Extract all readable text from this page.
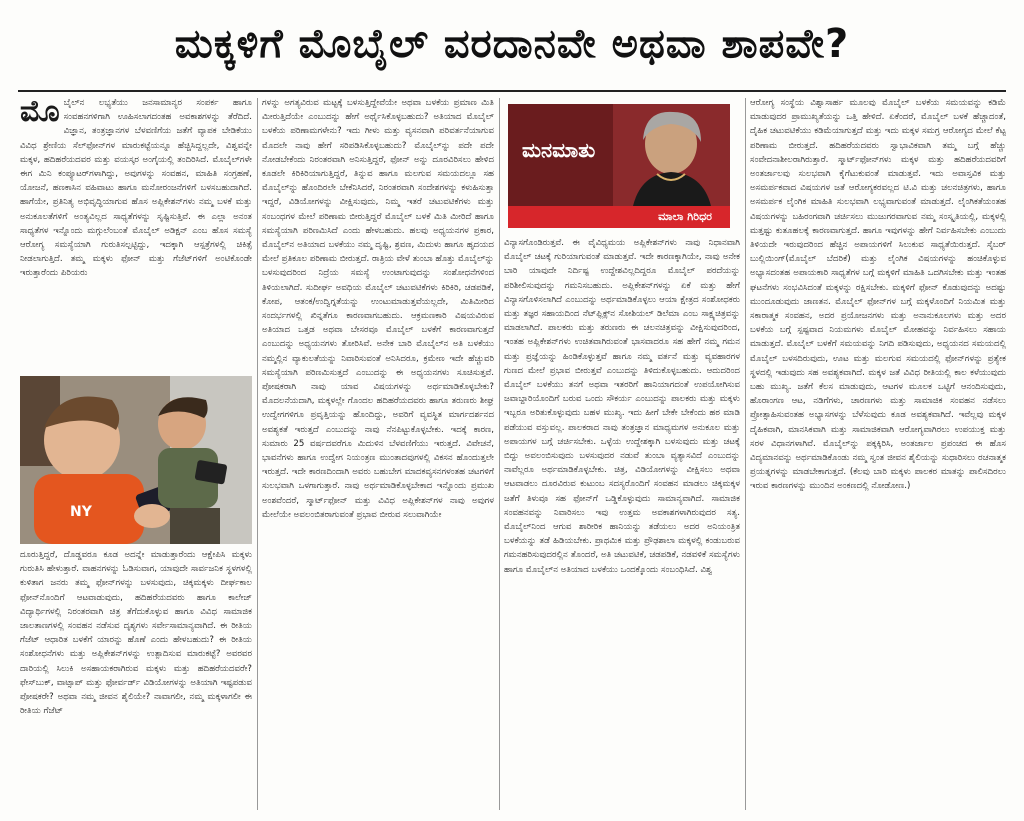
ಮಕ್ಕಳಿಗೆ ಮೊಬೈಲ್ ವರದಾನವೇ ಅಥವಾ ಶಾಪವೇ?
ಮೊ ಬೈಲ್‌ನ ಲಭ್ಯತೆಯು ಜನಸಾಮಾನ್ಯರ ಸಂಪರ್ಕ ಹಾಗೂ ಸಂವಹನಗಳಿಗಾಗಿ ಊಹಿಸಲಾಗದಂತಹ ಅವಕಾಶಗಳನ್ನು ತೆರೆದಿದೆ. ವಿಜ್ಞಾನ, ತಂತ್ರಜ್ಞಾನಗಳ ಬೆಳವಣಿಗೆಯ ಜತೆಗೆ ವ್ಯಾಪಕ ಬೇಡಿಕೆಯು ವಿವಿಧ ಶ್ರೇಣಿಯ ಸೆಲ್‌ಫೋನ್‌ಗಳ ಮಾರುಕಟ್ಟೆಯನ್ನೂ ಹೆಚ್ಚಿಸಿದ್ದಲ್ಲದೇ, ವಿಶ್ವವನ್ನೇ ಮಕ್ಕಳ, ಹದಿಹರೆಯದವರ ಮತ್ತು ವಯಸ್ಕರ ಅಂಗೈಯಲ್ಲಿ ತಂದಿರಿಸಿದೆ. ಮೊಬೈಲ್‌ಗಳೇ ಈಗ ಮಿನಿ ಕಂಪ್ಯೂಟರ್‌ಗಳಾಗಿದ್ದು, ಅವುಗಳನ್ನು ಸಂವಹನ, ಮಾಹಿತಿ ಸಂಗ್ರಹಣೆ, ಯೋಜನೆ, ಹಣಕಾಸಿನ ವಹಿವಾಟು ಹಾಗೂ ಮನೋರಂಜನೆಗಳಿಗೆ ಬಳಸಬಹುದಾಗಿದೆ. ಹಾಗೆಯೇ, ಪ್ರತಿನಿತ್ಯ ಅಭಿವೃದ್ಧಿಯಾಗುವ ಹೊಸ ಅಪ್ಲಿಕೇಶನ್‌ಗಳು ನಮ್ಮ ಬಳಕೆ ಮತ್ತು ಅನುಕೂಲತೆಗಳಿಗೆ ಅಂತ್ಯವಿಲ್ಲದ ಸಾಧ್ಯತೆಗಳನ್ನು ಸೃಷ್ಟಿಸುತ್ತಿವೆ. ಈ ಎಲ್ಲಾ ಅನಂತ ಸಾಧ್ಯತೆಗಳ ಇನ್ನೊಂದು ಮಗ್ಗುಲೆಂಬಂತೆ ಮೊಬೈಲ್ ಅಡಿಕ್ಷನ್ ಎಂಬ ಹೊಸ ಸಮಸ್ಯೆ ಆರೋಗ್ಯ ಸಮಸ್ಯೆಯಾಗಿ ಗುರುತಿಸಲ್ಪಟ್ಟಿದ್ದು, ಇದಕ್ಕಾಗಿ ಆಸ್ಪತ್ರೆಗಳಲ್ಲಿ ಚಿಕಿತ್ಸೆ ನೀಡಲಾಗುತ್ತಿದೆ. ತಮ್ಮ ಮಕ್ಕಳು ಫೋನ್ ಮತ್ತು ಗೆಜೆಟ್‌ಗಳಿಗೆ ಅಂಟಿಕೊಂಡೇ ಇರುತ್ತಾರೆಂದು ಪಿರಿಯರು
NY
ದೂರುತ್ತಿದ್ದರೆ, ದೊಡ್ಡವರೂ ಕೂಡ ಅದನ್ನೇ ಮಾಡುತ್ತಾರೆಂದು ಆಕ್ಷೇಪಿಸಿ ಮಕ್ಕಳು ಗುರುತಿಸಿ ಹೇಳುತ್ತಾರೆ. ವಾಹನಗಳನ್ನು ಓಡಿಸುವಾಗ, ಯಾವುದೇ ಸಾರ್ವಜನಿಕ ಸ್ಥಳಗಳಲ್ಲಿ ಕುಳಿತಾಗ ಜನರು ತಮ್ಮ ಫೋನ್‌ಗಳನ್ನು ಬಳಸುವುದು, ಚಿಕ್ಕಮಕ್ಕಳು ದೀರ್ಘಕಾಲ ಫೋನ್‌ನೊಂದಿಗೆ ಆಟವಾಡುವುದು, ಹದಿಹರೆಯದವರು ಹಾಗೂ ಕಾಲೇಜ್ ವಿದ್ಯಾರ್ಥಿಗಳಲ್ಲಿ ನಿರಂತರವಾಗಿ ಚಿತ್ರ ತೆಗೆದುಕೊಳ್ಳುವ ಹಾಗೂ ವಿವಿಧ ಸಾಮಾಜಿಕ ಜಾಲತಾಣಗಳಲ್ಲಿ ಸಂವಹನ ನಡೆಸುವ ದೃಶ್ಯಗಳು ಸರ್ವೇಸಾಮಾನ್ಯವಾಗಿದೆ. ಈ ರೀತಿಯ ಗೆಜೆಟ್ ಆಧಾರಿತ ಬಳಕೆಗೆ ಯಾರನ್ನು ಹೊಣೆ ಎಂದು ಹೇಳಬಹುದು? ಈ ರೀತಿಯ ಸಂಶೋಧನೆಗಳು ಮತ್ತು ಅಪ್ಲಿಕೇಶನ್‌ಗಳನ್ನು ಉತ್ಪಾದಿಸುವ ಮಾರುಕಟ್ಟೆ? ಅವರವರ ದಾರಿಯಲ್ಲಿ ಸಿಲುಕಿ ಅಸಹಾಯಕರಾಗಿರುವ ಮಕ್ಕಳು ಮತ್ತು ಹದಿಹರೆಯದವರೇ? ಫೇಸ್‌ಬುಕ್, ವಾಟ್ಸಾಪ್ ಮತ್ತು ಫೋರ್ವರ್ಡ್ ವಿಡಿಯೋಗಳನ್ನು ಅತಿಯಾಗಿ ಇಷ್ಟಪಡುವ ಪೋಷಕರೇ? ಅಥವಾ ನಮ್ಮ ಜೀವನ ಶೈಲಿಯೇ? ನಾವಾಗಲೀ, ನಮ್ಮ ಮಕ್ಕಳಾಗಲೀ ಈ ರೀತಿಯ ಗೆಜೆಟ್
ಗಳನ್ನು ಅಗತ್ಯವಿರುವ ಮಟ್ಟಕ್ಕೆ ಬಳಸುತ್ತಿದ್ದೇವೆಯೇ ಅಥವಾ ಬಳಕೆಯ ಪ್ರಮಾಣ ಮಿತಿ ಮೀರುತ್ತಿದೆಯೇ ಎಂಬುದನ್ನು ಹೇಗೆ ಅರ್ಥೈಸಿಕೊಳ್ಳಬಹುದು? ಅತಿಯಾದ ಮೊಬೈಲ್ ಬಳಕೆಯ ಪರಿಣಾಮಗಳೇನು? ಇದು ಗೀಳು ಮತ್ತು ವ್ಯಸನವಾಗಿ ಪರಿವರ್ತನೆಯಾಗುವ ಮೊದಲೇ ನಾವು ಹೇಗೆ ಸರಿಪಡಿಸಿಕೊಳ್ಳಬಹುದು? ಮೊಬೈಲ್‌ನ್ನು ಪದೇ ಪದೇ ನೋಡಬೇಕೆಂದು ನಿರಂತರವಾಗಿ ಅನಿಸುತ್ತಿದ್ದರೆ, ಫೋನ್ ಅನ್ನು ದೂರವಿರಿಸಲು ಹೇಳಿದ ಕೂಡಲೇ ಕಿರಿಕಿರಿಯಾಗುತ್ತಿದ್ದರೆ, ತಿನ್ನುವ ಹಾಗೂ ಮಲಗುವ ಸಮಯದಲ್ಲೂ ಸಹ ಮೊಬೈಲ್‌ನ್ನು ಹೊಂದಿರಲೇ ಬೇಕೆನಿಸಿದರೆ, ನಿರಂತರವಾಗಿ ಸಂದೇಶಗಳನ್ನು ಕಳುಹಿಸುತ್ತಾ ಇದ್ದರೆ, ವಿಡಿಯೋಗಳನ್ನು ವೀಕ್ಷಿಸುವುದು, ನಿಮ್ಮ ಇತರೆ ಚಟುವಟಿಕೆಗಳು ಮತ್ತು ಸಂಬಂಧಗಳ ಮೇಲೆ ಪರಿಣಾಮ ಬೀರುತ್ತಿದ್ದರೆ ಮೊಬೈಲ್ ಬಳಕೆ ಮಿತಿ ಮೀರಿದೆ ಹಾಗೂ ಸಮಸ್ಯೆಯಾಗಿ ಪರಿಣಮಿಸಿದೆ ಎಂದು ಹೇಳಬಹುದು. ಹಲವು ಅಧ್ಯಯನಗಳ ಪ್ರಕಾರ, ಮೊಬೈಲ್‌ನ ಅತಿಯಾದ ಬಳಕೆಯು ನಮ್ಮ ದೃಷ್ಟಿ, ಶ್ರವಣ, ಮಿದುಳು ಹಾಗೂ ಹೃದಯದ ಮೇಲೆ ಪ್ರತಿಕೂಲ ಪರಿಣಾಮ ಬೀರುತ್ತದೆ. ರಾತ್ರಿಯ ವೇಳೆ ತುಂಬಾ ಹೊತ್ತು ಮೊಬೈಲ್‌ನ್ನು ಬಳಸುವುದರಿಂದ ನಿದ್ರೆಯ ಸಮಸ್ಯೆ ಉಂಟಾಗುವುದನ್ನು ಸಂಶೋಧನೆಗಳಿಂದ ತಿಳಿಯಲಾಗಿದೆ. ಸುದೀರ್ಘ ಅವಧಿಯ ಮೊಬೈಲ್ ಚಟುವಟಿಕೆಗಳು ಕಿರಿಕಿರಿ, ಚಡಪಡಿಕೆ, ಕೋಪ, ಆತಂಕ/ಉದ್ವಿಗ್ನತೆಯನ್ನು ಉಂಟುಮಾಡುತ್ತವೆಯಲ್ಲದೇ, ಮಿತಿಮೀರಿದ ಸಂದರ್ಭಗಳಲ್ಲಿ ಖಿನ್ನತೆಗೂ ಕಾರಣವಾಗಬಹುದು. ಆಕ್ರಮಣಕಾರಿ ವಿಷಯವಿರುವ ಅತಿಯಾದ ಒತ್ತಡ ಅಥವಾ ಬೇಸರವೂ ಮೊಬೈಲ್ ಬಳಕೆಗೆ ಕಾರಣವಾಗುತ್ತದೆ ಎಂಬುದನ್ನು ಅಧ್ಯಯನಗಳು ತೋರಿಸಿವೆ. ಅನೇಕ ಬಾರಿ ಮೊಬೈಲ್‌ನ ಅತಿ ಬಳಕೆಯು ನಮ್ಮಲ್ಲಿನ ವ್ಯಾಕುಲತೆಯನ್ನು ನಿವಾರಿಸುವಂತೆ ಅನಿಸಿದರೂ, ಕ್ರಮೇಣ ಇದೇ ಹೆಚ್ಚುವರಿ ಸಮಸ್ಯೆಯಾಗಿ ಪರಿಣಮಿಸುತ್ತದೆ ಎಂಬುದನ್ನು ಈ ಅಧ್ಯಯನಗಳು ಸೂಚಿಸುತ್ತವೆ. ಪೋಷಕರಾಗಿ ನಾವು ಯಾವ ವಿಷಯಗಳನ್ನು ಅರ್ಥಮಾಡಿಕೊಳ್ಳಬೇಕು?ಮೊದಲನೆಯದಾಗಿ, ಮಕ್ಕಳಲ್ಲೇ ಗೊಂದಲ ಹದಿಹರೆಯದವರು ಹಾಗೂ ತರುಣರು ಶೀಘ್ರ ಉದ್ವೇಗಗಳಿಗೂ ಪ್ರವೃತ್ತಿಯನ್ನು ಹೊಂದಿದ್ದು, ಅವರಿಗೆ ವ್ಯವಸ್ಥಿತ ಮಾರ್ಗದರ್ಶನದ ಅವಶ್ಯಕತೆ ಇರುತ್ತದೆ ಎಂಬುದನ್ನು ನಾವು ನೆನಪಿಟ್ಟುಕೊಳ್ಳಬೇಕು. ಇದಕ್ಕೆ ಕಾರಣ, ಸುಮಾರು 25 ವರ್ಷದವರೆಗೂ ಮಿದುಳಿನ ಬೆಳವಣಿಗೆಯು ಇರುತ್ತದೆ. ವಿವೇಚನೆ, ಭಾವನೆಗಳು ಹಾಗೂ ಉದ್ವೇಗ ನಿಯಂತ್ರಣ ಮುಂತಾದವುಗಳಲ್ಲಿ ವಿಕಸನ ಹೊಂದುತ್ತಲೇ ಇರುತ್ತದೆ. ಇದೇ ಕಾರಣದಿಂದಾಗಿ ಅವರು ಬಹುಬೇಗ ಮಾದಕವ್ಯಸನಗಳಂತಹ ಚಟಗಳಿಗೆ ಸುಲಭವಾಗಿ ಒಳಗಾಗುತ್ತಾರೆ. ನಾವು ಅರ್ಥಮಾಡಿಕೊಳ್ಳಬೇಕಾದ ಇನ್ನೊಂದು ಪ್ರಮುಖ ಅಂಶವೆಂದರೆ, ಸ್ಮಾರ್ಟ್‌ಫೋನ್ ಮತ್ತು ವಿವಿಧ ಅಪ್ಲಿಕೇಶನ್‌ಗಳ ನಾವು ಅವುಗಳ ಮೇಲೆಯೇ ಅವಲಂಬಿತರಾಗುವಂತೆ ಪ್ರಭಾವ ಬೀರುವ ಸಲುವಾಗಿಯೇ
ಮನಮಾತು
ಮಾಲಾ ಗಿರಿಧರ
ವಿನ್ಯಾಸಗೊಂಡಿರುತ್ತವೆ. ಈ ವೈವಿಧ್ಯಮಯ ಅಪ್ಲಿಕೇಶನ್‌ಗಳು ನಾವು ನಿಧಾನವಾಗಿ ಮೊಬೈಲ್ ಚಟಕ್ಕೆ ಗುರಿಯಾಗುವಂತೆ ಮಾಡುತ್ತವೆ. ಇದೇ ಕಾರಣಕ್ಕಾಗಿಯೇ, ನಾವು ಅನೇಕ ಬಾರಿ ಯಾವುದೇ ನಿರ್ದಿಷ್ಟ ಉದ್ದೇಶವಿಲ್ಲದಿದ್ದರೂ ಮೊಬೈಲ್ ಪರದೆಯನ್ನು ಪರಿಶೀಲಿಸುವುದನ್ನು ಗಮನಿಸಬಹುದು. ಅಪ್ಲಿಕೇಶನ್‌ಗಳನ್ನು ಏಕೆ ಮತ್ತು ಹೇಗೆ ವಿನ್ಯಾಸಗೊಳಿಸಲಾಗಿದೆ ಎಂಬುದನ್ನು ಅರ್ಥಮಾಡಿಕೊಳ್ಳಲು ಆಯಾ ಕ್ಷೇತ್ರದ ಸಂಶೋಧಕರು ಮತ್ತು ತಜ್ಞರ ಸಹಾಯದಿಂದ ನೆಟ್‌ಫ್ಲಿಕ್ಸ್‌ನ ಸೋಶಿಯಲ್ ಡಿಲೆಮಾ ಎಂಬ ಸಾಕ್ಷ್ಯಚಿತ್ರವನ್ನು ಮಾಡಲಾಗಿದೆ. ಪಾಲಕರು ಮತ್ತು ತರುಣರು ಈ ಚಲನಚಿತ್ರವನ್ನು ವೀಕ್ಷಿಸುವುದರಿಂದ, ಇಂತಹ ಅಪ್ಲಿಕೇಶನ್‌ಗಳು ಉಚಿತವಾಗಿರುವಂತೆ ಭಾಸವಾದರೂ ಸಹ ಹೇಗೆ ನಮ್ಮ ಗಮನ ಮತ್ತು ಪ್ರಜ್ಞೆಯನ್ನು ಹಿಂಡಿಕೊಳ್ಳುತ್ತವೆ ಹಾಗೂ ನಮ್ಮ ವರ್ತನೆ ಮತ್ತು ವ್ಯವಹಾರಗಳ ಗುಣದ ಮೇಲೆ ಪ್ರಭಾವ ಬೀರುತ್ತವೆ ಎಂಬುದನ್ನು ತಿಳಿದುಕೊಳ್ಳಬಹುದು. ಆದುದರಿಂದ ಮೊಬೈಲ್ ಬಳಕೆಯು ತನಗೆ ಅಥವಾ ಇತರರಿಗೆ ಹಾನಿಯಾಗದಂತೆ ಉಪಯೋಗಿಸುವ ಜವಾಬ್ದಾರಿಯೊಂದಿಗೆ ಬರುವ ಒಂದು ಸೌಕರ್ಯ ಎಂಬುದನ್ನು ಪಾಲಕರು ಮತ್ತು ಮಕ್ಕಳು ಇಬ್ಬರೂ ಅರಿತುಕೊಳ್ಳುವುದು ಬಹಳ ಮುಖ್ಯ. ಇದು ಹೀಗೆ ಬೇಕೇ ಬೇಕೆಂದು ಹಠ ಮಾಡಿ ಪಡೆಯುವ ವಸ್ತುವಲ್ಲ. ಪಾಲಕರಾದ ನಾವು ತಂತ್ರಜ್ಞಾನ ಮಾಧ್ಯಮಗಳ ಅನುಕೂಲ ಮತ್ತು ಅಪಾಯಗಳ ಬಗ್ಗೆ ಚರ್ಚಿಸಬೇಕು. ಒಳ್ಳೆಯ ಉದ್ದೇಶಕ್ಕಾಗಿ ಬಳಸುವುದು ಮತ್ತು ಚಟಕ್ಕೆ ಬಿದ್ದು ಅವಲಂಬಿಸುವುದು ಬಳಸುವುದರ ನಡುವೆ ತುಂಬಾ ವ್ಯತ್ಯಾಸವಿದೆ ಎಂಬುದನ್ನು ನಾವೆಲ್ಲರೂ ಅರ್ಥಮಾಡಿಕೊಳ್ಳಬೇಕು. ಚಿತ್ರ, ವಿಡಿಯೋಗಳನ್ನು ವೀಕ್ಷಿಸಲು ಅಥವಾ ಆಟವಾಡಲು ದೂರವಿರುವ ಕುಟುಂಬ ಸದಸ್ಯರೊಂದಿಗೆ ಸಂವಹನ ಮಾಡಲು ಚಿಕ್ಕಮಕ್ಕಳ ಜತೆಗೆ ತಿಳುವೂ ಸಹ ಫೋನ್‌ಗೆ ಒಡ್ಡಿಕೊಳ್ಳುವುದು ಸಾಮಾನ್ಯವಾಗಿದೆ. ಸಾಮಾಜಿಕ ಸಂವಹನವನ್ನು ನಿವಾರಿಸಲು ಇವು ಉತ್ತಮ ಅವಕಾಶಗಳಾಗಿರುವುದರ ಸತ್ಯ. ಮೊಬೈಲ್‌ನಿಂದ ಆಗುವ ಶಾರೀರಿಕ ಹಾನಿಯನ್ನು ತಡೆಯಲು ಅದರ ಅನಿಯಂತ್ರಿತ ಬಳಕೆಯನ್ನು ತಡೆ ಹಿಡಿಯಬೇಕು. ಪ್ರಾಥಮಿಕ ಮತ್ತು ಪ್ರೌಢಶಾಲಾ ಮಕ್ಕಳಲ್ಲಿ ಕಂಡುಬರುವ ಗಮನಹರಿಸುವುದರಲ್ಲಿನ ತೊಂದರೆ, ಅತಿ ಚಟುವಟಿಕೆ, ಚಡಪಡಿಕೆ, ನಡವಳಿಕೆ ಸಮಸ್ಯೆಗಳು ಹಾಗೂ ಮೊಬೈಲ್‌ನ ಅತಿಯಾದ ಬಳಕೆಯು ಒಂದಕ್ಕೊಂದು ಸಂಬಂಧಿಸಿದೆ. ವಿಶ್ವ
ಆರೋಗ್ಯ ಸಂಸ್ಥೆಯ ವಿಶ್ವಾಸಾರ್ಹ ಮೂಲವು ಮೊಬೈಲ್ ಬಳಕೆಯ ಸಮಯವನ್ನು ಕಡಿಮೆ ಮಾಡುವುದರ ಪ್ರಾಮುಖ್ಯತೆಯನ್ನು ಒತ್ತಿ ಹೇಳಿದೆ. ಏಕೆಂದರೆ, ಮೊಬೈಲ್ ಬಳಕೆ ಹೆಚ್ಚಾದಂತೆ, ದೈಹಿಕ ಚಟುವಟಿಕೆಯು ಕಡಿಮೆಯಾಗುತ್ತದೆ ಮತ್ತು ಇದು ಮಕ್ಕಳ ಸಮಗ್ರ ಆರೋಗ್ಯದ ಮೇಲೆ ಕೆಟ್ಟ ಪರಿಣಾಮ ಬೀರುತ್ತದೆ. ಹದಿಹರೆಯದವರು ಸ್ವಾಭಾವಿಕವಾಗಿ ತಮ್ಮ ಬಗ್ಗೆ ಹೆಚ್ಚು ಸಂವೇದನಾಶೀಲರಾಗಿರುತ್ತಾರೆ. ಸ್ಮಾರ್ಟ್‌ಫೋನ್‌ಗಳು ಮಕ್ಕಳ ಮತ್ತು ಹದಿಹರೆಯದವರಿಗೆ ಅಂತರ್ಜಾಲವು ಸುಲಭವಾಗಿ ಕೈಗೆಟುಕುವಂತೆ ಮಾಡುತ್ತವೆ. ಇದು ಅವಾಸ್ತವಿಕ ಮತ್ತು ಅಸಮರ್ಪಕವಾದ ವಿಷಯಗಳ ಜತೆ ಆರೋಗ್ಯಕರವಲ್ಲದ ಟಿ.ವಿ ಮತ್ತು ಚಲನಚಿತ್ರಗಳು, ಹಾಗೂ ಅಸಮರ್ಪಕ ಲೈಂಗಿಕ ಮಾಹಿತಿ ಸುಲಭವಾಗಿ ಲಭ್ಯವಾಗುವಂತೆ ಮಾಡುತ್ತದೆ. ಲೈಂಗಿಕತೆಯಂತಹ ವಿಷಯಗಳನ್ನು ಬಹಿರಂಗವಾಗಿ ಚರ್ಚಿಸಲು ಮುಜುಗರವಾಗುವ ನಮ್ಮ ಸಂಸ್ಕೃತಿಯಲ್ಲಿ, ಮಕ್ಕಳಲ್ಲಿ ಮತ್ತಷ್ಟು ಕುತೂಹಲಕ್ಕೆ ಕಾರಣವಾಗುತ್ತದೆ. ಹಾಗೂ ಇವುಗಳನ್ನು ಹೇಗೆ ನಿರ್ವಹಿಸಬೇಕು ಎಂಬುದು ತಿಳಿಯದೇ ಇರುವುದರಿಂದ ಹೆಚ್ಚಿನ ಅಪಾಯಗಳಿಗೆ ಸಿಲುಕುವ ಸಾಧ್ಯತೆಯಿರುತ್ತದೆ. ಸೈಬರ್ ಬುಲ್ಲಿಯಿಂಗ್(ಮೊಬೈಲ್ ಬೆದರಿಕೆ) ಮತ್ತು ಲೈಂಗಿಕ ವಿಷಯಗಳನ್ನು ಹಂಚಿಕೊಳ್ಳುವ ಅಭ್ಯಾಸದಂತಹ ಅಪಾಯಕಾರಿ ಸಾಧ್ಯತೆಗಳ ಬಗ್ಗೆ ಮಕ್ಕಳಿಗೆ ಮಾಹಿತಿ ಒದಗಿಸಬೇಕು ಮತ್ತು ಇಂತಹ ಘಟನೆಗಳು ಸಂಭವಿಸಿದಂತೆ ಮಕ್ಕಳನ್ನು ರಕ್ಷಿಸಬೇಕು. ಮಕ್ಕಳಿಗೆ ಫೋನ್ ಕೊಡುವುದನ್ನು ಅದಷ್ಟು ಮುಂದೂಡುವುದು ಜಾಣತನ. ಮೊಬೈಲ್ ಫೋನ್‌ಗಳ ಬಗ್ಗೆ ಮಕ್ಕಳೊಂದಿಗೆ ನಿಯಮಿತ ಮತ್ತು ಸಕಾರಾತ್ಮಕ ಸಂವಹನ, ಅದರ ಪ್ರಯೋಜನಗಳು ಮತ್ತು ಅನಾನುಕೂಲಗಳು ಮತ್ತು ಅದರ ಬಳಕೆಯ ಬಗ್ಗೆ ಸ್ಪಷ್ಟವಾದ ನಿಯಮಗಳು ಮೊಬೈಲ್ ಮೋಹವನ್ನು ನಿರ್ವಹಿಸಲು ಸಹಾಯ ಮಾಡುತ್ತದೆ. ಮೊಬೈಲ್ ಬಳಕೆಗೆ ಸಮಯವನ್ನು ನಿಗದಿ ಪಡಿಸುವುದು, ಅಧ್ಯಯನದ ಸಮಯದಲ್ಲಿ ಮೊಬೈಲ್ ಬಳಸದಿರುವುದು, ಊಟ ಮತ್ತು ಮಲಗುವ ಸಮಯದಲ್ಲಿ ಫೋನ್‌ಗಳನ್ನು ಪ್ರತ್ಯೇಕ ಸ್ಥಳದಲ್ಲಿ ಇಡುವುದು ಸಹ ಅವಶ್ಯಕವಾಗಿದೆ. ಮಕ್ಕಳ ಜತೆ ವಿವಿಧ ರೀತಿಯಲ್ಲಿ ಕಾಲ ಕಳೆಯುವುದು ಬಹು ಮುಖ್ಯ. ಜತೆಗೆ ಕೆಲಸ ಮಾಡುವುದು, ಆಟಗಳ ಮೂಲಕ ಒಟ್ಟಿಗೆ ಆನಂದಿಸುವುದು, ಹೊರಾಂಗಣ ಆಟ, ನಡಿಗೆಗಳು, ಚಾರಣಗಳು ಮತ್ತು ಸಾಮಾಜಿಕ ಸಂವಹನ ನಡೆಸಲು ಪ್ರೋತ್ಸಾಹಿಸುವಂತಹ ಅಭ್ಯಾಸಗಳನ್ನು ಬೆಳೆಸುವುದು ಕೂಡ ಅವಶ್ಯಕವಾಗಿದೆ. ಇವೆಲ್ಲವು ಮಕ್ಕಳ ದೈಹಿಕವಾಗಿ, ಮಾನಸಿಕವಾಗಿ ಮತ್ತು ಸಾಮಾಜಿಕವಾಗಿ ಆರೋಗ್ಯವಾಗಿರಲು ಉಪಯುಕ್ತ ಮತ್ತು ಸರಳ ವಿಧಾನಗಳಾಗಿವೆ. ಮೊಬೈಲ್‌ನ್ನು ಪಕ್ಕಕ್ಕಿರಿಸಿ, ಅಂತರ್ಜಾಲ ಪ್ರಪಂಚದ ಈ ಹೊಸ ವಿದ್ಯಮಾನವನ್ನು ಅರ್ಥಮಾಡಿಕೊಂಡು ನಮ್ಮ ಸ್ವಂತ ಜೀವನ ಶೈಲಿಯನ್ನು ಸುಧಾರಿಸಲು ರಚನಾತ್ಮಕ ಪ್ರಯತ್ನಗಳನ್ನು ಮಾಡಬೇಕಾಗುತ್ತದೆ. (ಕೆಲವು ಬಾರಿ ಮಕ್ಕಳು ಪಾಲಕರ ಮಾತನ್ನು ಪಾಲಿಸದಿರಲು ಇರುವ ಕಾರಣಗಳನ್ನು ಮುಂದಿನ ಅಂಕಣದಲ್ಲಿ ನೋಡೋಣ.)
